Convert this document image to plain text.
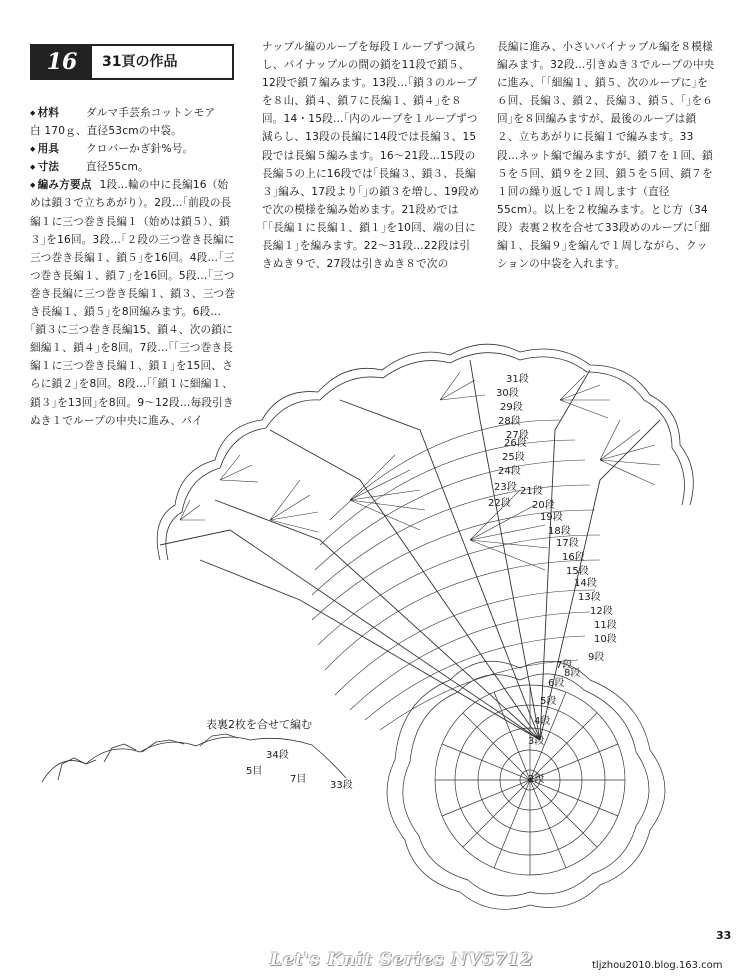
16	31頁の作品
◆ 材料	ダルマ手芸糸コットンモア　白 170ｇ、直径53cmの中袋。
◆ 用具	クロバーかぎ針%号。
◆ 寸法	直径55cm。
◆ 編み方要点 1段…輪の中に長編16（始めは鎖３で立ちあがり）。2段…｢前段の長編１に三つ巻き長編１（始めは鎖５）、鎖３｣を16回。3段…｢２段の三つ巻き長編に三つ巻き長編１、鎖５｣を16回。4段…｢三つ巻き長編１、鎖７｣を16回。5段…｢三つ巻き長編に三つ巻き長編１、鎖３、三つ巻き長編１、鎖５｣を8回編みます。6段…｢鎖３に三つ巻き長編15、鎖４、次の鎖に細編１、鎖４｣を8回。7段…｢｢三つ巻き長編１に三つ巻き長編１、鎖１｣を15回、さらに鎖２｣を8回。8段…｢｢鎖１に細編１、鎖３｣を13回｣を8回。9～12段…毎段引きぬき１でループの中央に進み、パイ
ナップル編のループを毎段１ループずつ減らし、パイナップルの間の鎖を11段で鎖５、12段で鎖７編みます。13段…｢鎖３のループを８山、鎖４、鎖７に長編１、鎖４｣を８回。14・15段…｢内のループを１ループずつ減らし、13段の長編に14段では長編３、15段では長編５編みます。16～21段…15段の長編５の上に16段では｢長編３、鎖３、長編３｣編み、17段より｢｣の鎖３を増し、19段めで次の模様を編み始めます。21段めでは｢｢長編１に長編１、鎖１｣を10回、端の目に長編１｣を編みます。22～31段…22段は引きぬき９で、27段は引きぬき８で次の
長編に進み、小さいパイナップル編を８模様編みます。32段…引きぬき３でループの中央に進み、｢｢細編１、鎖５、次のループに｣を６回、長編３、鎖２、長編３、鎖５、｢｣を６回｣を８回編みますが、最後のループは鎖２、立ちあがりに長編１で編みます。33段…ネット編で編みますが、鎖７を１回、鎖５を５回、鎖９を２回、鎖５を５回、鎖７を１回の繰り返しで１周します（直径55cm）。以上を２枚編みます。とじ方（34段）表裏２枚を合せて33段めのループに｢細編１、長編９｣を編んで１周しながら、クッションの中袋を入れます。
表裏2枚を合せて編む
34段
5目
7目
33段
2段
3段
4段
5段
6段
7段
8段
9段
10段
11段
12段
13段
14段
15段
16段
17段
18段
19段
20段
21段
22段
23段
24段
25段
26段
27段
28段
29段
30段
31段
33
Let's Knit Series NV5712	tljzhou2010.blog.163.com
